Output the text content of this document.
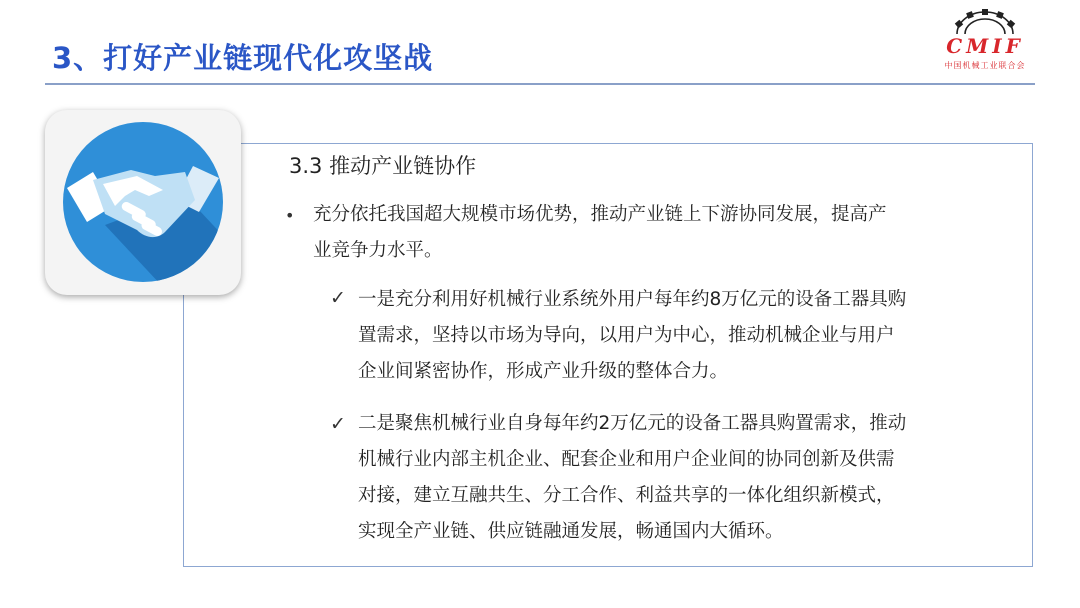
3、打好产业链现代化攻坚战	CMIF
中国机械工业联合会
3.3 推动产业链协作
• 充分依托我国超大规模市场优势，推动产业链上下游协同发展，提高产
业竞争力水平。
✓ 一是充分利用好机械行业系统外用户每年约8万亿元的设备工器具购
置需求，坚持以市场为导向，以用户为中心，推动机械企业与用户
企业间紧密协作，形成产业升级的整体合力。
✓ 二是聚焦机械行业自身每年约2万亿元的设备工器具购置需求，推动
机械行业内部主机企业、配套企业和用户企业间的协同创新及供需
对接，建立互融共生、分工合作、利益共享的一体化组织新模式，
实现全产业链、供应链融通发展，畅通国内大循环。
